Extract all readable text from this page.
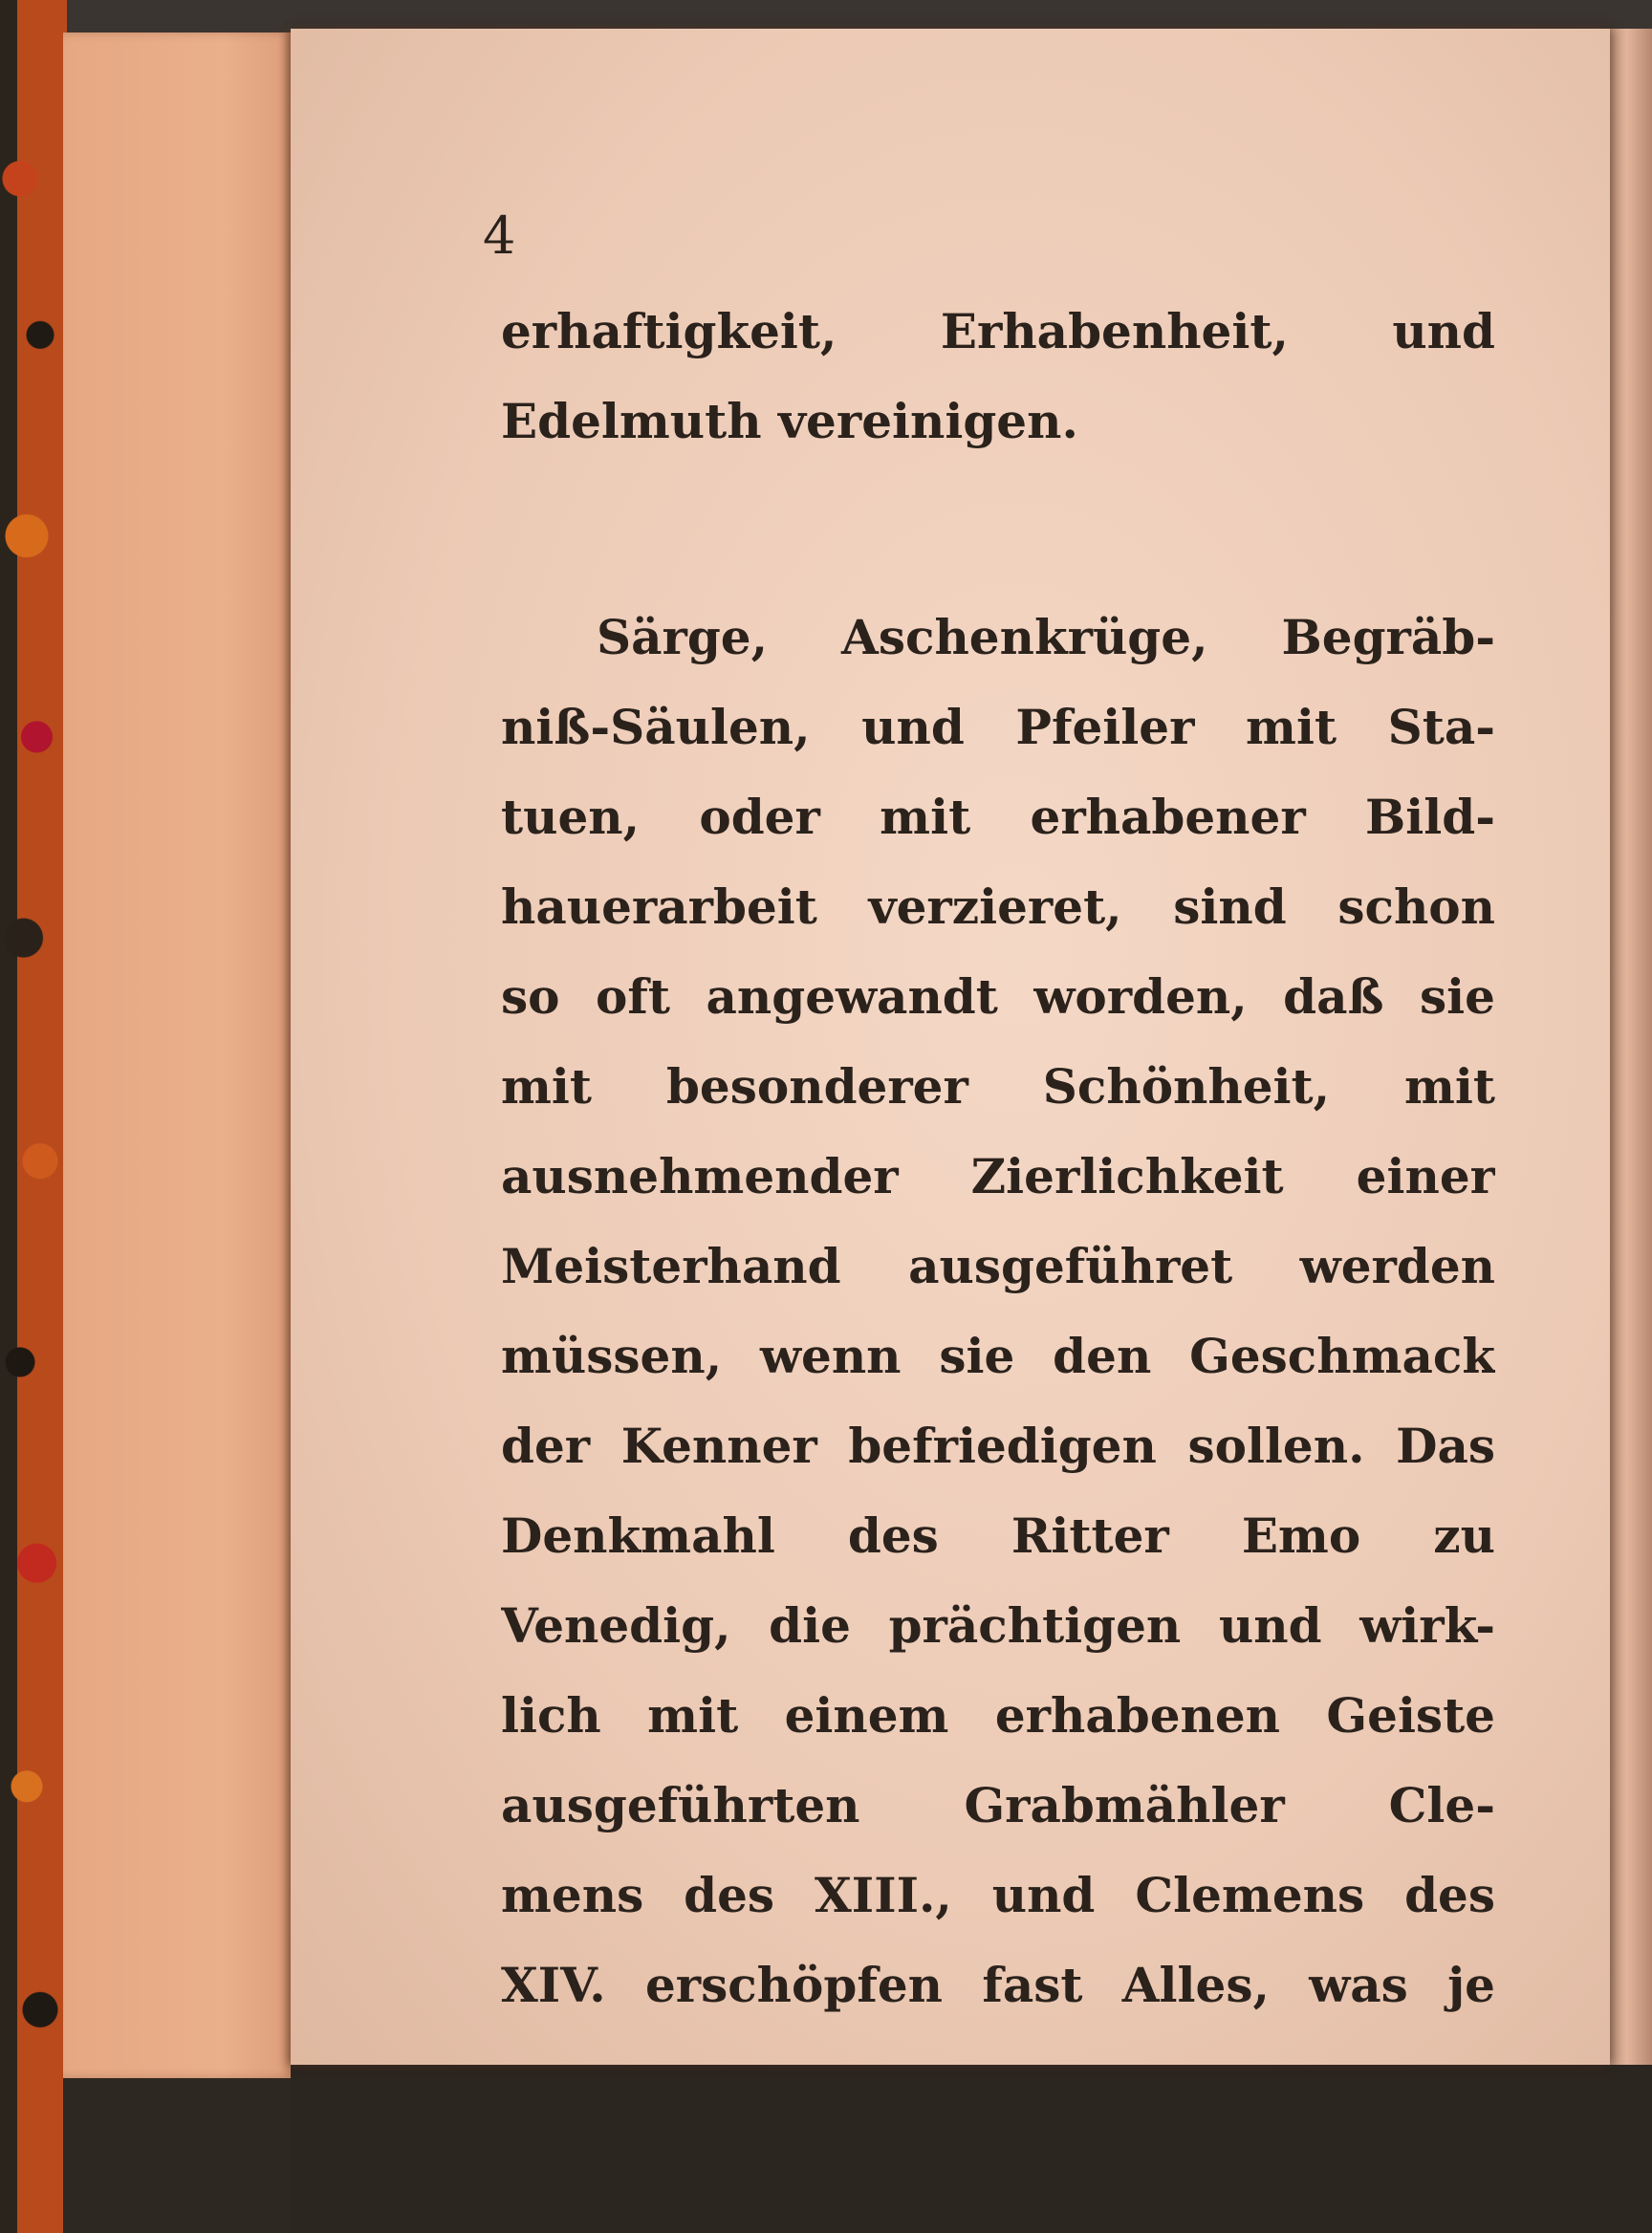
4
erhaftigkeit, Erhabenheit, und
Edelmuth vereinigen.
Särge, Aschenkrüge, Begräb-
niß-Säulen, und Pfeiler mit Sta-
tuen, oder mit erhabener Bild-
hauerarbeit verzieret, sind schon
so oft angewandt worden, daß sie
mit besonderer Schönheit, mit
ausnehmender Zierlichkeit einer
Meisterhand ausgeführet werden
müssen, wenn sie den Geschmack
der Kenner befriedigen sollen. Das
Denkmahl des Ritter Emo zu
Venedig, die prächtigen und wirk-
lich mit einem erhabenen Geiste
ausgeführten Grabmähler Cle-
mens des XIII., und Clemens des
XIV. erschöpfen fast Alles, was je
